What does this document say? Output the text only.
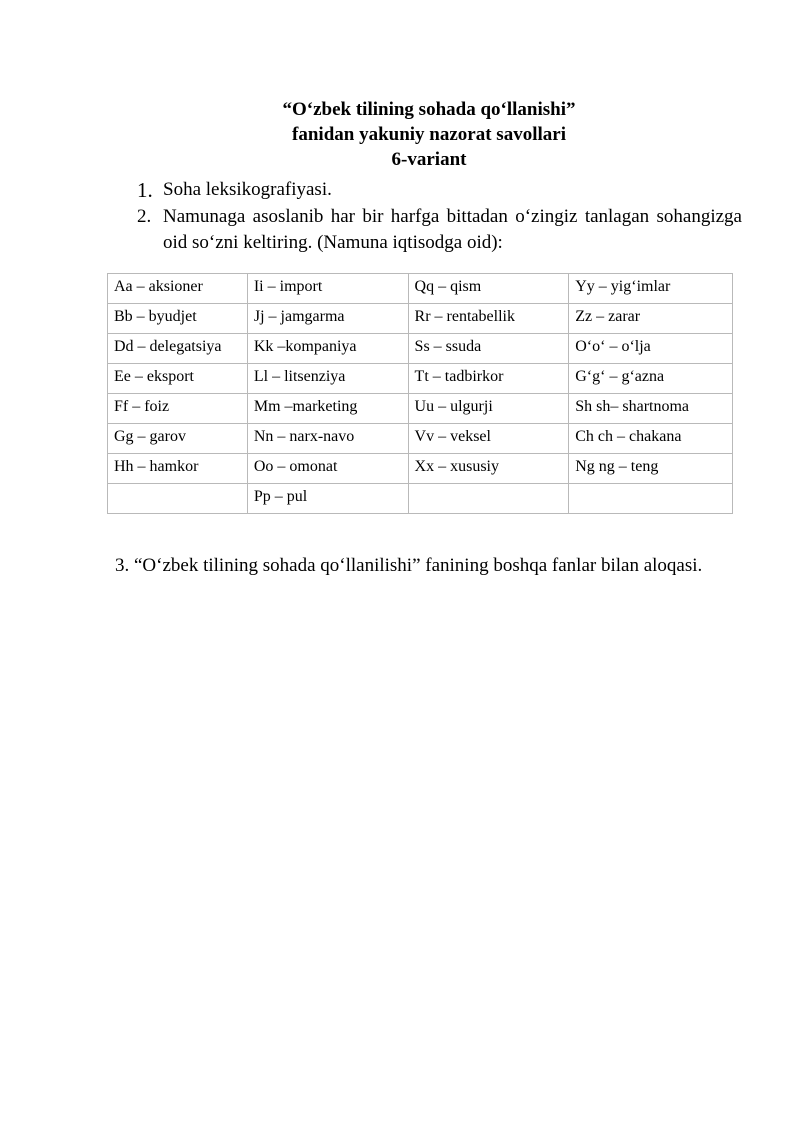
“O‘zbek tilining sohada qo‘llanishi”
fanidan yakuniy nazorat savollari
6-variant
1. Soha leksikografiyasi.
2. Namunaga asoslanib har bir harfga bittadan o‘zingiz tanlagan sohangizga oid so‘zni keltiring. (Namuna iqtisodga oid):
Aa – aksioner	Ii – import	Qq – qism	Yy – yig‘imlar
Bb – byudjet	Jj – jamgarma	Rr – rentabellik	Zz – zarar
Dd – delegatsiya	Kk –kompaniya	Ss – ssuda	O‘o‘ – o‘lja
Ee – eksport	Ll – litsenziya	Tt – tadbirkor	G‘g‘ – g‘azna
Ff – foiz	Mm –marketing	Uu – ulgurji	Sh sh– shartnoma
Gg – garov	Nn – narx-navo	Vv – veksel	Ch ch – chakana
Hh – hamkor	Oo – omonat	Xx – xususiy	Ng ng – teng
	Pp – pul		
3. “O‘zbek tilining sohada qo‘llanilishi” fanining boshqa fanlar bilan aloqasi.
